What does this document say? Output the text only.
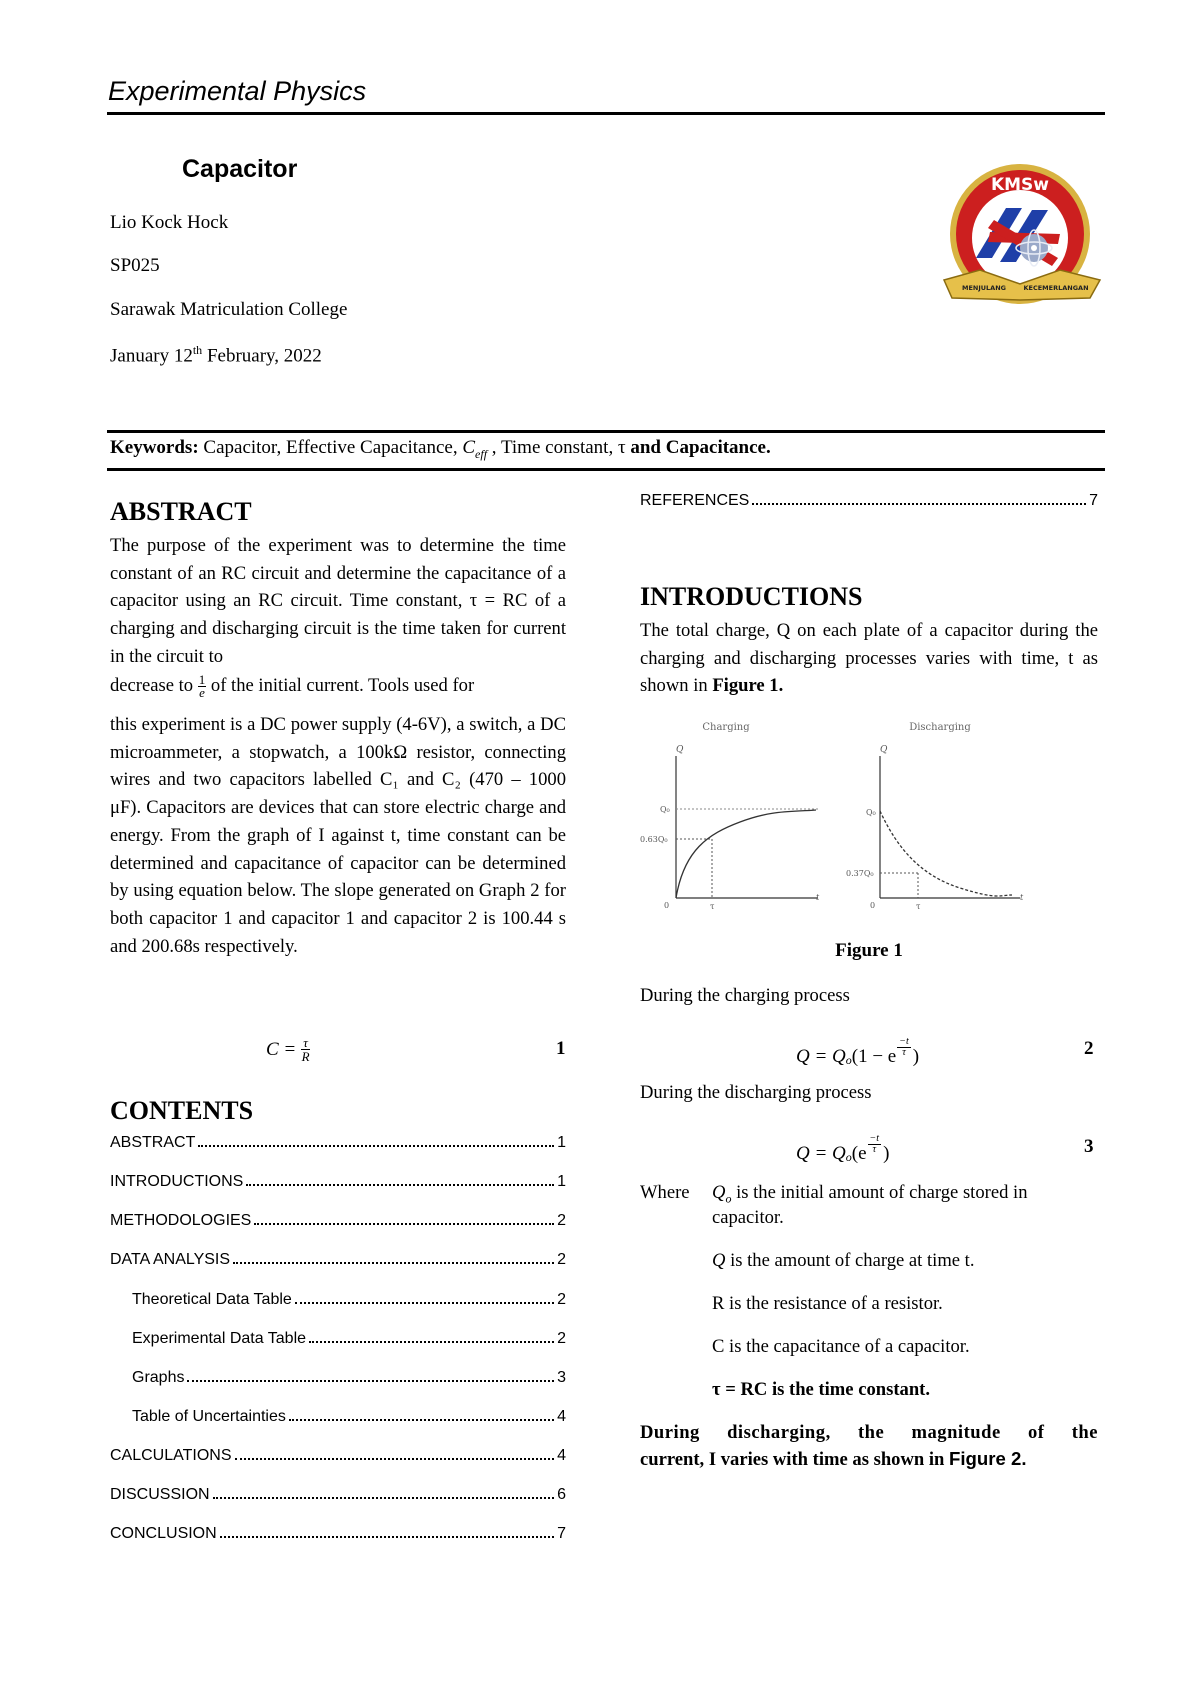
Experimental Physics
Capacitor
Lio Kock Hock
SP025
Sarawak Matriculation College
January 12th February, 2022
KMSw
MENJULANG	KECEMERLANGAN
Keywords: Capacitor, Effective Capacitance, $C_{eff}$ , Time constant, τ and Capacitance.
ABSTRACT
The purpose of the experiment was to determine the time constant of an RC circuit and determine the capacitance of a capacitor using an RC circuit. Time constant, τ = RC of a charging and discharging circuit is the time taken for current in the circuit to
decrease to $\frac{1}{e}$ of the initial current. Tools used for
this experiment is a DC power supply (4-6V), a switch, a DC microammeter, a stopwatch, a 100kΩ resistor, connecting wires and two capacitors labelled C₁ and C₂ (470 – 1000 μF). Capacitors are devices that can store electric charge and energy. From the graph of I against t, time constant can be determined and capacitance of capacitor can be determined by using equation below. The slope generated on Graph 2 for both capacitor 1 and capacitor 1 and capacitor 2 is 100.44 s and 200.68s respectively.
$C = \frac{\tau}{R}$	1
CONTENTS
ABSTRACT	1
INTRODUCTIONS	1
METHODOLOGIES	2
DATA ANALYSIS	2
Theoretical Data Table	2
Experimental Data Table	2
Graphs	3
Table of Uncertainties	4
CALCULATIONS	4
DISCUSSION	6
CONCLUSION	7
REFERENCES	7
INTRODUCTIONS
The total charge, Q on each plate of a capacitor during the charging and discharging processes varies with time, t as shown in Figure 1.
Charging
Q
Q₀
0.63Q₀
0	τ
t
Discharging
Q
Q₀
0.37Q₀
0	τ
t
Figure 1
During the charging process
Q = Q o (1 − e
−t
τ )	2
During the discharging process
Q = Q o (e
−t
τ )	3
Where $Q_o$ is the initial amount of charge stored in
capacitor.
Q is the amount of charge at time t.
R is the resistance of a resistor.
C is the capacitance of a capacitor.
τ = RC is the time constant.
During discharging, the magnitude of the
current, I varies with time as shown in Figure 2.
